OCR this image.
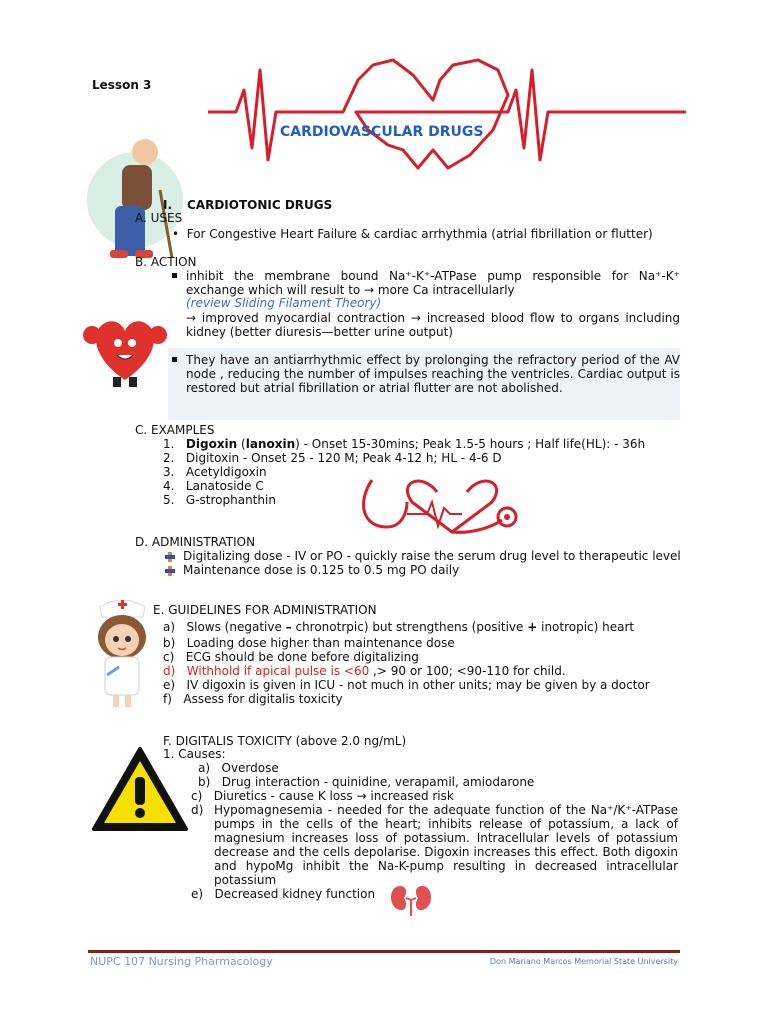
Lesson 3
CARDIOVASCULAR DRUGS
I. CARDIOTONIC DRUGS
A. USES
•  For Congestive Heart Failure & cardiac arrhythmia (atrial fibrillation or flutter)
B. ACTION
inhibit the membrane bound Na⁺-K⁺-ATPase pump responsible for Na⁺-K⁺ exchange which will result to → more Ca intracellularly
(review Sliding Filament Theory)
→ improved myocardial contraction → increased blood flow to organs including kidney (better diuresis—better urine output)
They have an antiarrhythmic effect by prolonging the refractory period of the AV node , reducing the number of impulses reaching the ventricles. Cardiac output is restored but atrial fibrillation or atrial flutter are not abolished.
C. EXAMPLES
1. Digoxin (lanoxin) - Onset 15-30mins; Peak 1.5-5 hours ; Half life(HL): - 36h
2. Digitoxin - Onset 25 - 120 M; Peak 4-12 h; HL - 4-6 D
3. Acetyldigoxin
4. Lanatoside C
5. G-strophanthin
D. ADMINISTRATION
Digitalizing dose - IV or PO - quickly raise the serum drug level to therapeutic level
Maintenance dose is 0.125 to 0.5 mg PO daily
E. GUIDELINES FOR ADMINISTRATION
a) Slows (negative – chronotrpic) but strengthens (positive + inotropic) heart
b) Loading dose higher than maintenance dose
c) ECG should be done before digitalizing
d) Withhold if apical pulse is <60 ,> 90 or 100; <90-110 for child.
e) IV digoxin is given in ICU - not much in other units; may be given by a doctor
f) Assess for digitalis toxicity
F. DIGITALIS TOXICITY (above 2.0 ng/mL)
1. Causes:
a) Overdose
b) Drug interaction - quinidine, verapamil, amiodarone
c) Diuretics - cause K loss → increased risk
d) Hypomagnesemia - needed for the adequate function of the Na⁺/K⁺-ATPase pumps in the cells of the heart; inhibits release of potassium, a lack of magnesium increases loss of potassium. Intracellular levels of potassium decrease and the cells depolarise. Digoxin increases this effect. Both digoxin and hypoMg inhibit the Na-K-pump resulting in decreased intracellular potassium
e) Decreased kidney function
NUPC 107 Nursing Pharmacology	Don Mariano Marcos Memorial State University
